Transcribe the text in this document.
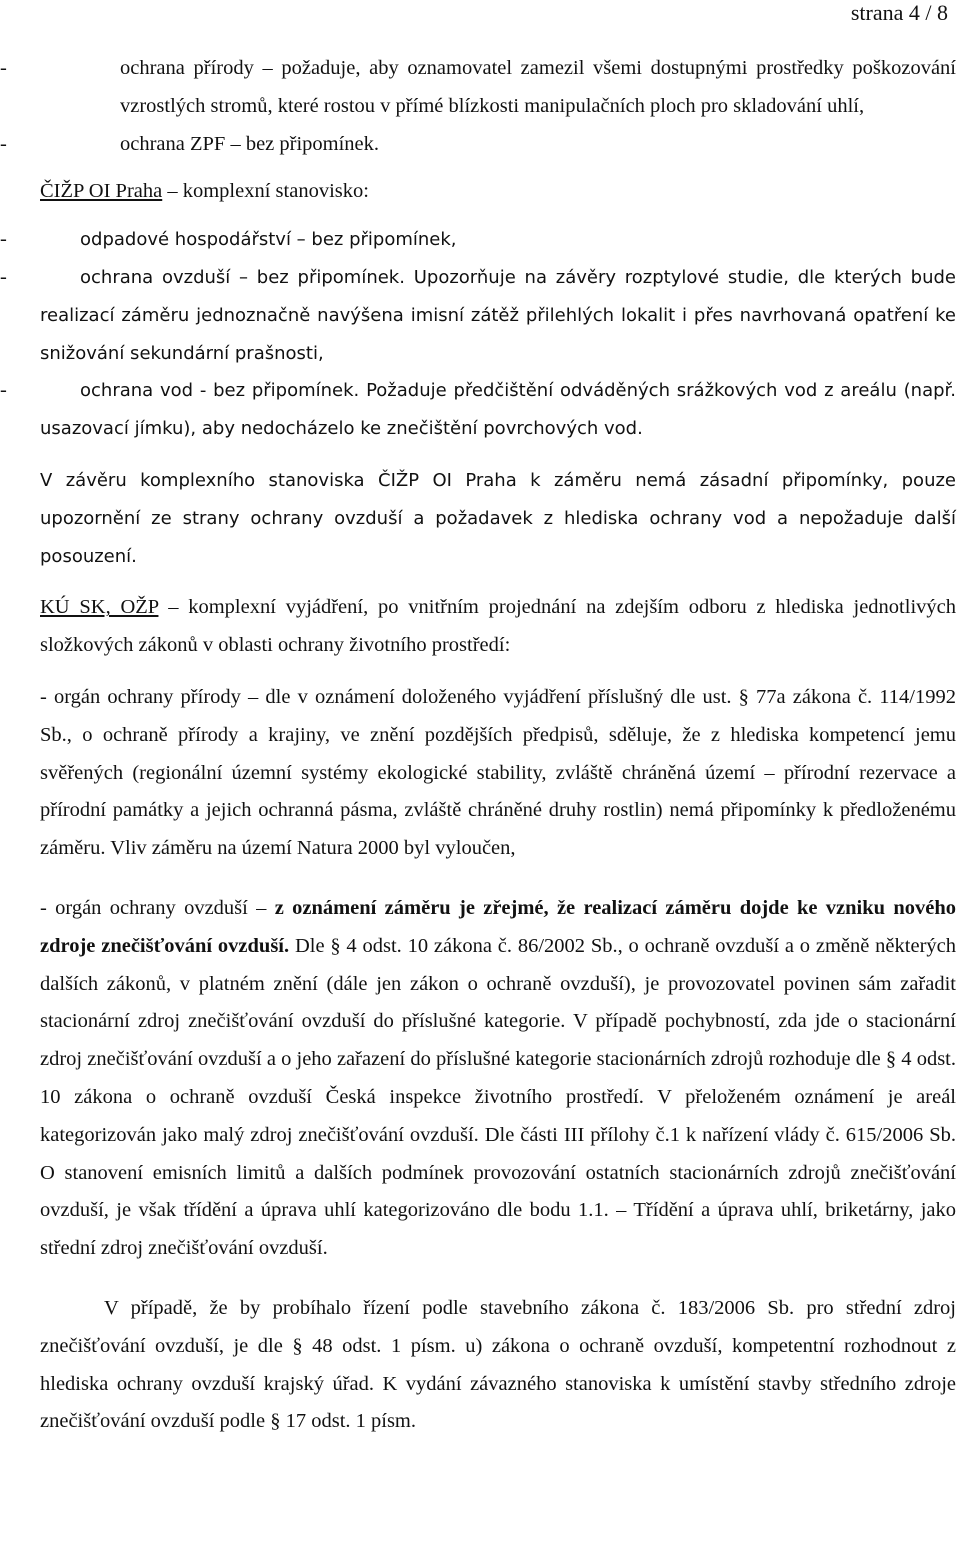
strana 4 / 8
-	ochrana přírody – požaduje, aby oznamovatel zamezil všemi dostupnými prostředky poškozování vzrostlých stromů, které rostou v přímé blízkosti manipulačních ploch pro skladování uhlí,

-	ochrana ZPF – bez připomínek.

ČIŽP OI Praha – komplexní stanovisko:

-	odpadové hospodářství – bez připomínek,

-	ochrana ovzduší – bez připomínek. Upozorňuje na závěry rozptylové studie, dle kterých bude realizací záměru jednoznačně navýšena imisní zátěž přilehlých lokalit i přes navrhovaná opatření ke snižování sekundární prašnosti,

-	ochrana vod - bez připomínek. Požaduje předčištění odváděných srážkových vod z areálu (např. usazovací jímku), aby nedocházelo ke znečištění povrchových vod.

V závěru komplexního stanoviska ČIŽP OI Praha k záměru nemá zásadní připomínky, pouze upozornění ze strany ochrany ovzduší a požadavek z hlediska ochrany vod a nepožaduje další posouzení.

KÚ SK, OŽP – komplexní vyjádření, po vnitřním projednání na zdejším odboru z hlediska jednotlivých složkových zákonů v oblasti ochrany životního prostředí:

- orgán ochrany přírody – dle v oznámení doloženého vyjádření příslušný dle ust. § 77a zákona č. 114/1992 Sb., o ochraně přírody a krajiny, ve znění pozdějších předpisů, sděluje, že z hlediska kompetencí jemu svěřených (regionální územní systémy ekologické stability, zvláště chráněná území – přírodní rezervace a přírodní památky a jejich ochranná pásma, zvláště chráněné druhy rostlin) nemá připomínky k předloženému záměru. Vliv záměru na území Natura 2000 byl vyloučen,

- orgán ochrany ovzduší – z oznámení záměru je zřejmé, že realizací záměru dojde ke vzniku nového zdroje znečišťování ovzduší. Dle § 4 odst. 10 zákona č. 86/2002 Sb., o ochraně ovzduší a o změně některých dalších zákonů, v platném znění (dále jen zákon o ochraně ovzduší), je provozovatel povinen sám zařadit stacionární zdroj znečišťování ovzduší do příslušné kategorie. V případě pochybností, zda jde o stacionární zdroj znečišťování ovzduší a o jeho zařazení do příslušné kategorie stacionárních zdrojů rozhoduje dle § 4 odst. 10 zákona o ochraně ovzduší Česká inspekce životního prostředí. V přeloženém oznámení je areál kategorizován jako malý zdroj znečišťování ovzduší. Dle části III přílohy č.1 k nařízení vlády č. 615/2006 Sb. O stanovení emisních limitů a dalších podmínek provozování ostatních stacionárních zdrojů znečišťování ovzduší, je však třídění a úprava uhlí kategorizováno dle bodu 1.1. – Třídění a úprava uhlí, briketárny, jako střední zdroj znečišťování ovzduší.

V případě, že by probíhalo řízení podle stavebního zákona č. 183/2006 Sb. pro střední zdroj znečišťování ovzduší, je dle § 48 odst. 1 písm. u) zákona o ochraně ovzduší, kompetentní rozhodnout z hlediska ochrany ovzduší krajský úřad. K vydání závazného stanoviska k umístění stavby středního zdroje znečišťování ovzduší podle § 17 odst. 1 písm.
